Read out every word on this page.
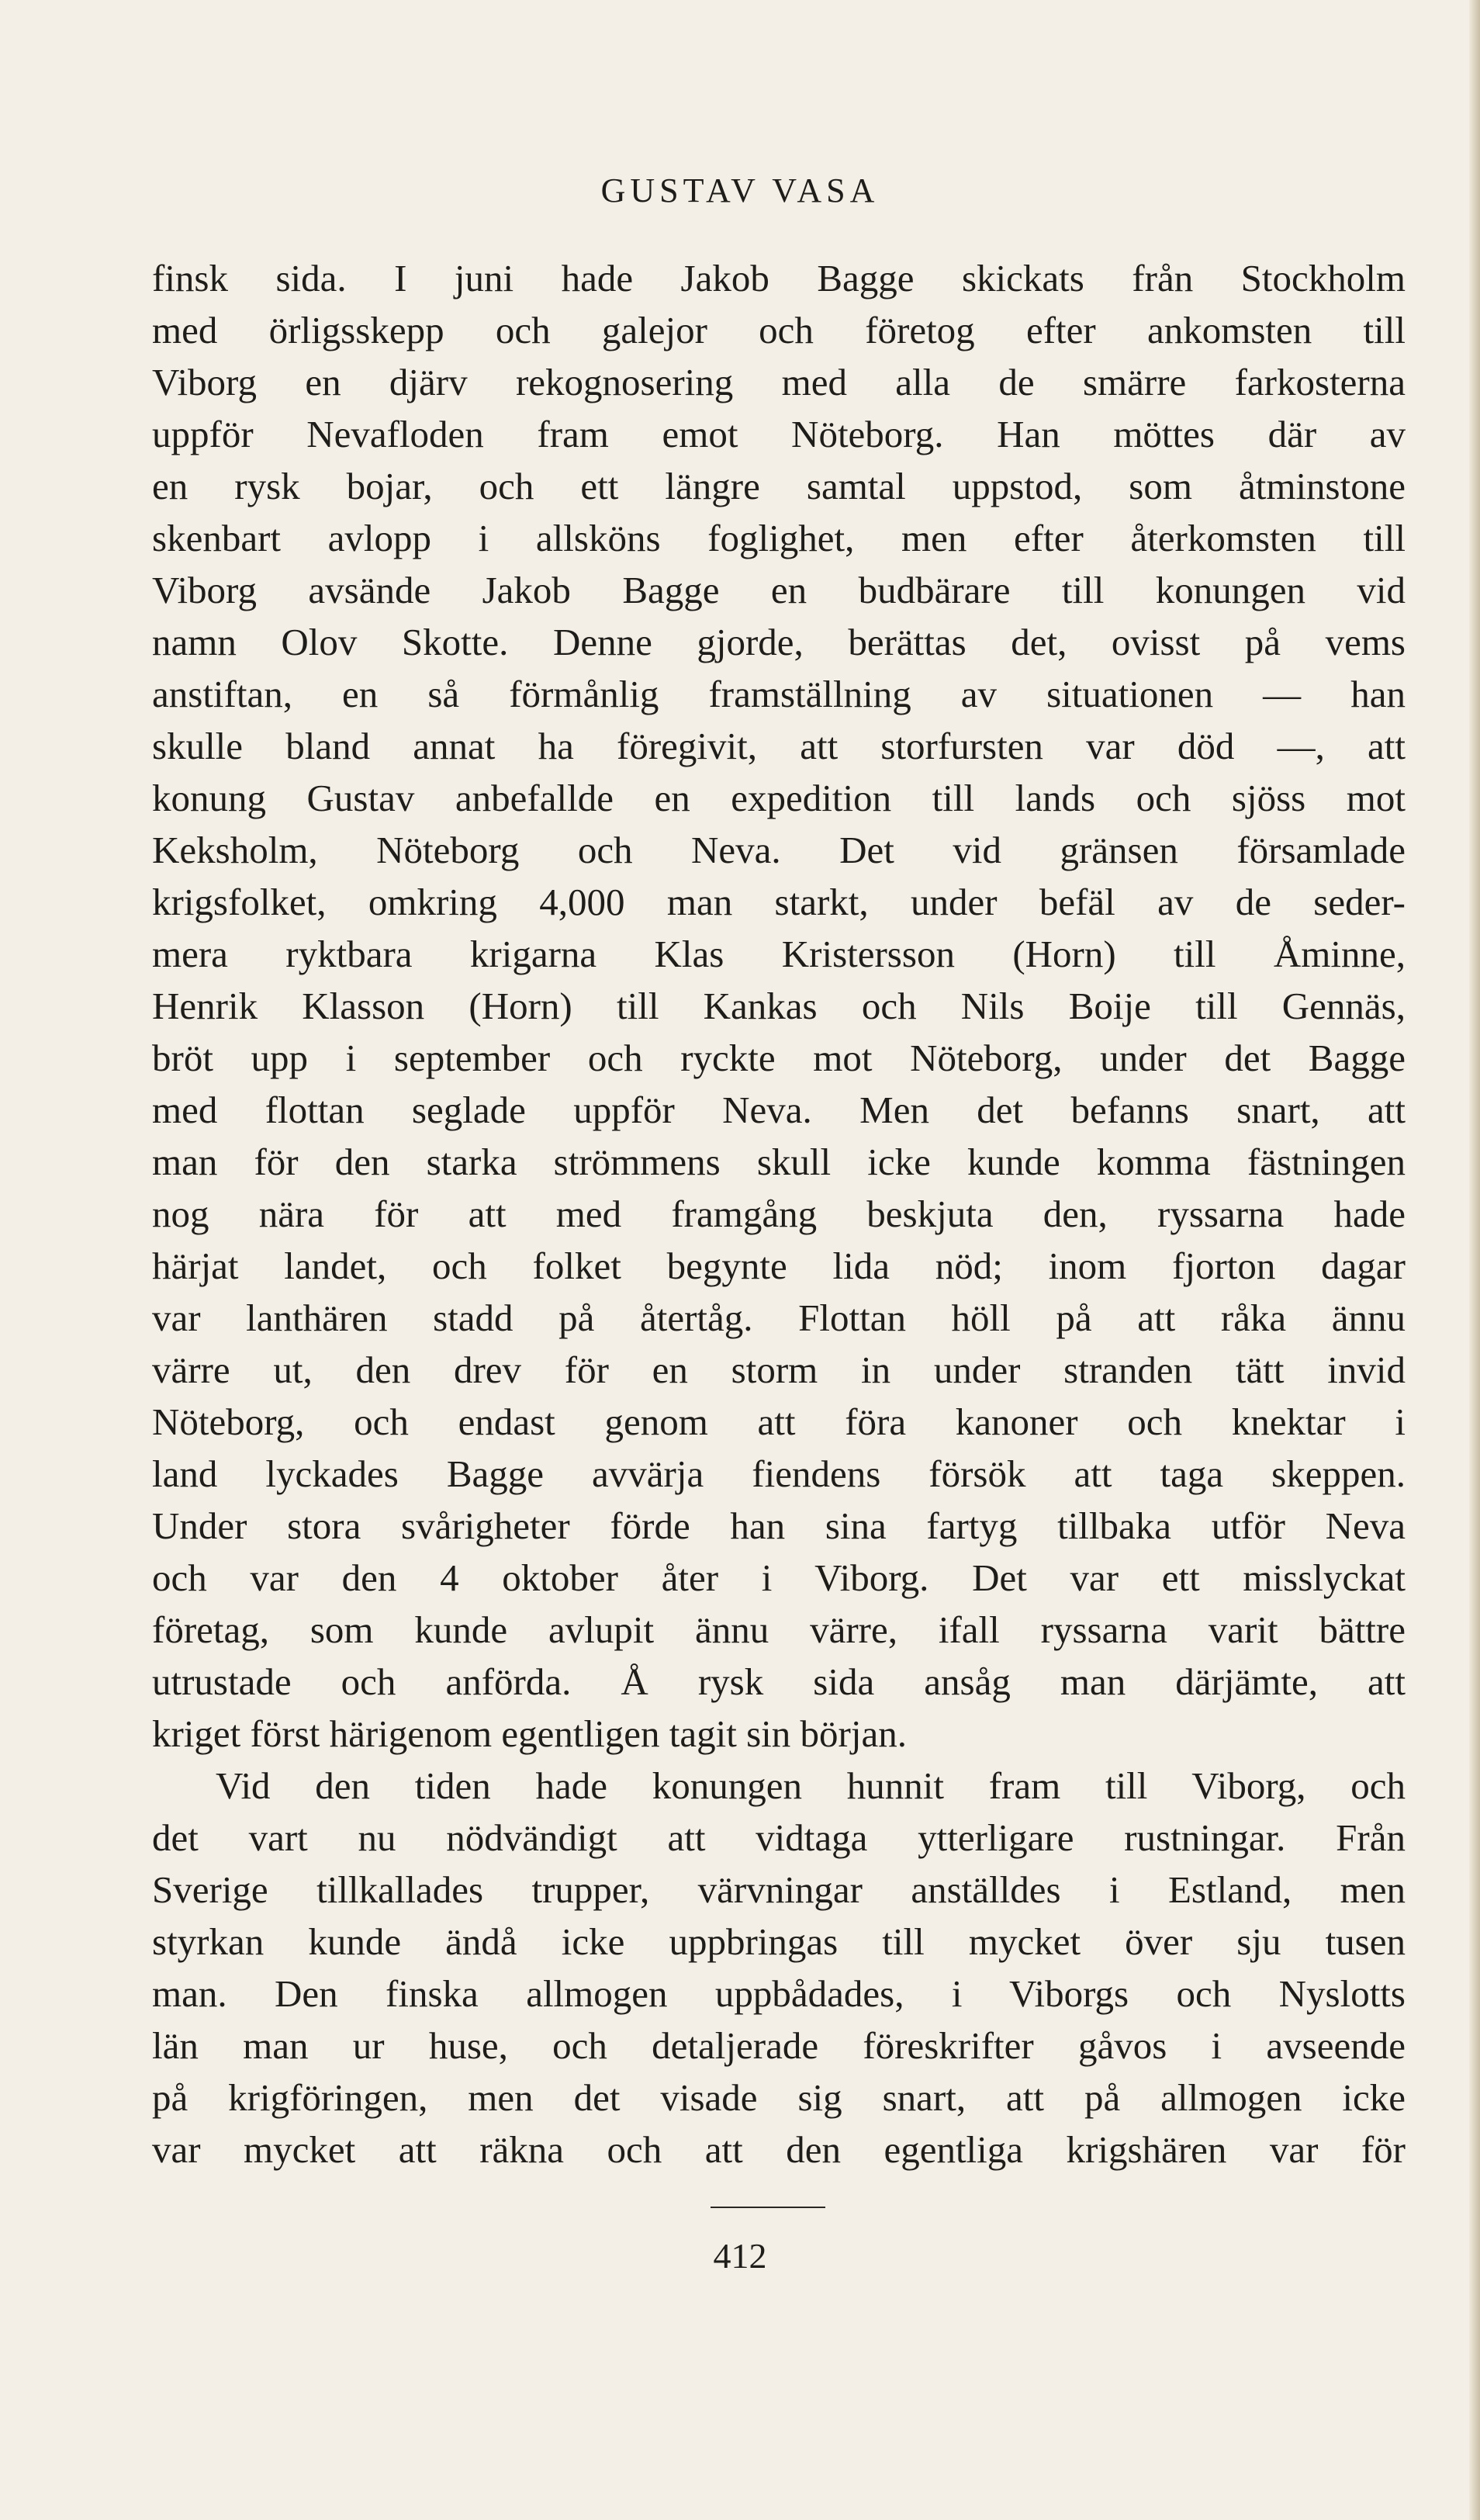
GUSTAV VASA
finsk sida. I juni hade Jakob Bagge skickats från Stockholm
med örligsskepp och galejor och företog efter ankomsten till
Viborg en djärv rekognosering med alla de smärre farkosterna
uppför Nevafloden fram emot Nöteborg. Han möttes där av
en rysk bojar, och ett längre samtal uppstod, som åtminstone
skenbart avlopp i allsköns foglighet, men efter återkomsten till
Viborg avsände Jakob Bagge en budbärare till konungen vid
namn Olov Skotte. Denne gjorde, berättas det, ovisst på vems
anstiftan, en så förmånlig framställning av situationen — han
skulle bland annat ha föregivit, att storfursten var död —, att
konung Gustav anbefallde en expedition till lands och sjöss mot
Keksholm, Nöteborg och Neva. Det vid gränsen församlade
krigsfolket, omkring 4,000 man starkt, under befäl av de seder-
mera ryktbara krigarna Klas Kristersson (Horn) till Åminne,
Henrik Klasson (Horn) till Kankas och Nils Boije till Gennäs,
bröt upp i september och ryckte mot Nöteborg, under det Bagge
med flottan seglade uppför Neva. Men det befanns snart, att
man för den starka strömmens skull icke kunde komma fästningen
nog nära för att med framgång beskjuta den, ryssarna hade
härjat landet, och folket begynte lida nöd; inom fjorton dagar
var lanthären stadd på återtåg. Flottan höll på att råka ännu
värre ut, den drev för en storm in under stranden tätt invid
Nöteborg, och endast genom att föra kanoner och knektar i
land lyckades Bagge avvärja fiendens försök att taga skeppen.
Under stora svårigheter förde han sina fartyg tillbaka utför Neva
och var den 4 oktober åter i Viborg. Det var ett misslyckat
företag, som kunde avlupit ännu värre, ifall ryssarna varit bättre
utrustade och anförda. Å rysk sida ansåg man därjämte, att
kriget först härigenom egentligen tagit sin början.
Vid den tiden hade konungen hunnit fram till Viborg, och
det vart nu nödvändigt att vidtaga ytterligare rustningar. Från
Sverige tillkallades trupper, värvningar anställdes i Estland, men
styrkan kunde ändå icke uppbringas till mycket över sju tusen
man. Den finska allmogen uppbådades, i Viborgs och Nyslotts
län man ur huse, och detaljerade föreskrifter gåvos i avseende
på krigföringen, men det visade sig snart, att på allmogen icke
var mycket att räkna och att den egentliga krigshären var för
412
